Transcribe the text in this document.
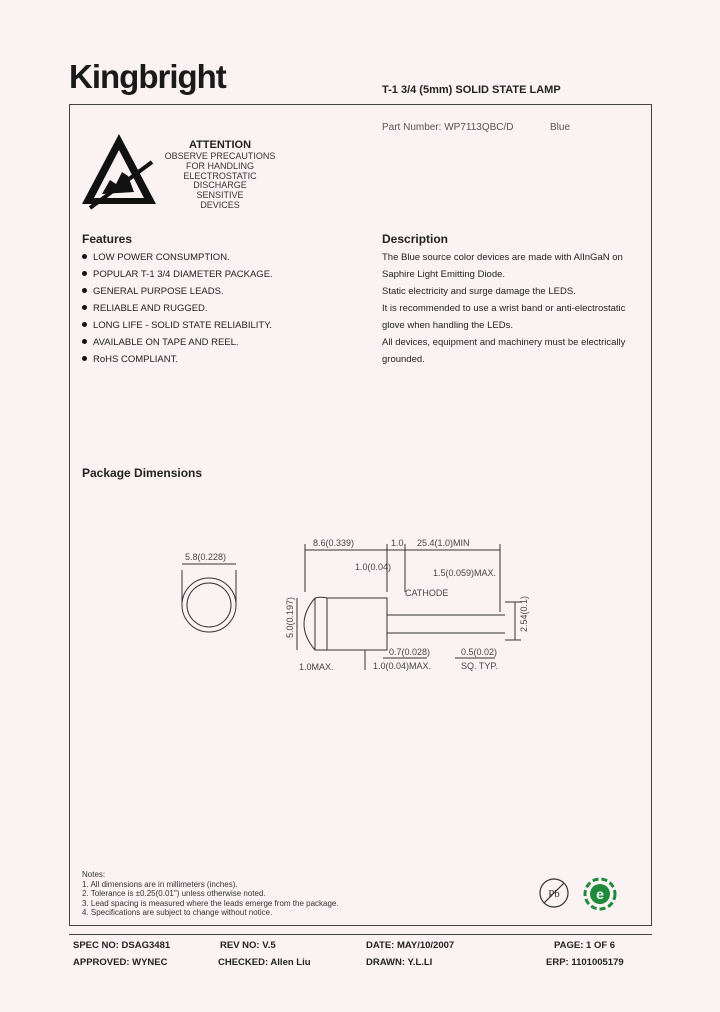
Kingbright	T-1 3/4 (5mm) SOLID STATE LAMP
Part Number: WP7113QBC/D	Blue
ATTENTION
OBSERVE PRECAUTIONS
FOR HANDLING
ELECTROSTATIC
DISCHARGE
SENSITIVE
DEVICES
Features
LOW POWER CONSUMPTION.
POPULAR T-1 3/4 DIAMETER PACKAGE.
GENERAL PURPOSE LEADS.
RELIABLE AND RUGGED.
LONG LIFE - SOLID STATE RELIABILITY.
AVAILABLE ON TAPE AND REEL.
RoHS COMPLIANT.
Description
The Blue source color devices are made with AlInGaN on
Saphire Light Emitting Diode.
Static electricity and surge damage the LEDS.
It is recommended to use a wrist band or anti-electrostatic
glove when handling the LEDs.
All devices, equipment and machinery must be electrically
grounded.
Package Dimensions
5.8(0.228)
8.6(0.339)	1.0 25.4(1.0)MIN
1.0(0.04)
1.5(0.059)MAX.
CATHODE
5.0(0.197)	2.54(0.1)
0.7(0.028)	0.5(0.02)
1.0(0.04)MAX.	SQ. TYP.
1.0MAX.
Notes:
1. All dimensions are in millimeters (inches).
2. Tolerance is ±0.25(0.01") unless otherwise noted.
3. Lead spacing is measured where the leads emerge from the package.
4. Specifications are subject to change without notice.
Pb	e
SPEC NO: DSAG3481	REV NO: V.5	DATE: MAY/10/2007	PAGE: 1 OF 6
APPROVED: WYNEC	CHECKED: Allen Liu	DRAWN: Y.L.LI	ERP: 1101005179
